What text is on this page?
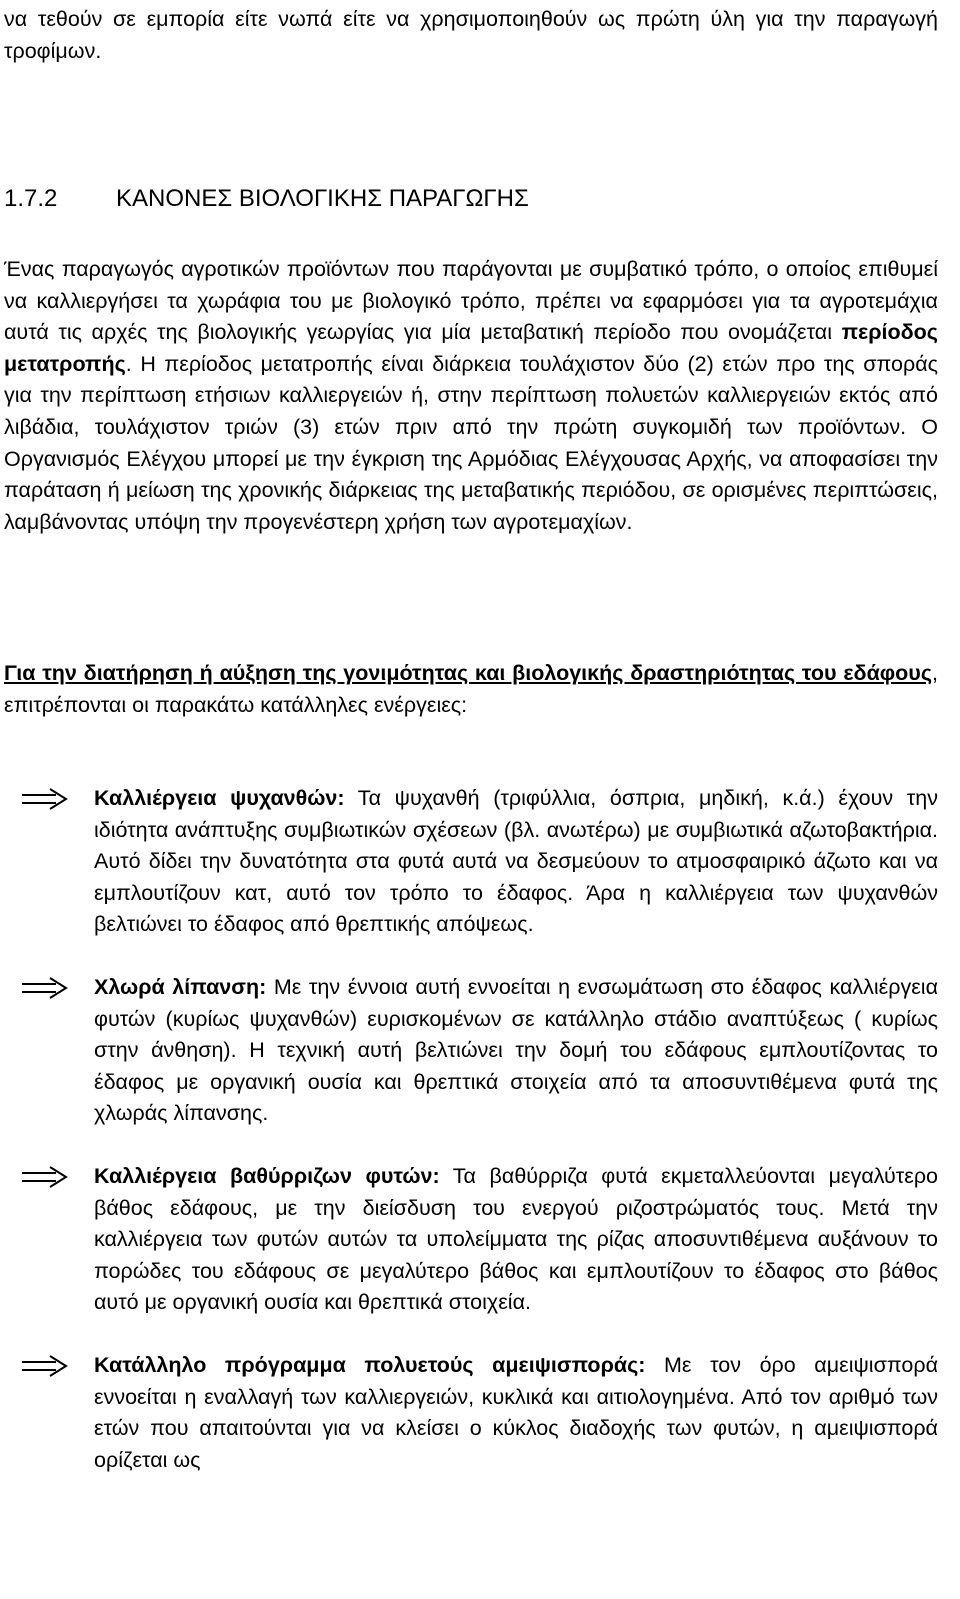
να τεθούν σε εμπορία είτε νωπά είτε να χρησιμοποιηθούν ως πρώτη ύλη για την παραγωγή τροφίμων.

1.7.2 ΚΑΝΟΝΕΣ ΒΙΟΛΟΓΙΚΗΣ ΠΑΡΑΓΩΓΗΣ

Ένας παραγωγός αγροτικών προϊόντων που παράγονται με συμβατικό τρόπο, ο οποίος επιθυμεί να καλλιεργήσει τα χωράφια του με βιολογικό τρόπο, πρέπει να εφαρμόσει για τα αγροτεμάχια αυτά τις αρχές της βιολογικής γεωργίας για μία μεταβατική περίοδο που ονομάζεται περίοδος μετατροπής. Η περίοδος μετατροπής είναι διάρκεια τουλάχιστον δύο (2) ετών προ της σποράς για την περίπτωση ετήσιων καλλιεργειών ή, στην περίπτωση πολυετών καλλιεργειών εκτός από λιβάδια, τουλάχιστον τριών (3) ετών πριν από την πρώτη συγκομιδή των προϊόντων. Ο Οργανισμός Ελέγχου μπορεί με την έγκριση της Αρμόδιας Ελέγχουσας Αρχής, να αποφασίσει την παράταση ή μείωση της χρονικής διάρκειας της μεταβατικής περιόδου, σε ορισμένες περιπτώσεις, λαμβάνοντας υπόψη την προγενέστερη χρήση των αγροτεμαχίων.

Για την διατήρηση ή αύξηση της γονιμότητας και βιολογικής δραστηριότητας του εδάφους, επιτρέπονται οι παρακάτω κατάλληλες ενέργειες:

Καλλιέργεια ψυχανθών: Τα ψυχανθή (τριφύλλια, όσπρια, μηδική, κ.ά.) έχουν την ιδιότητα ανάπτυξης συμβιωτικών σχέσεων (βλ. ανωτέρω) με συμβιωτικά αζωτοβακτήρια. Αυτό δίδει την δυνατότητα στα φυτά αυτά να δεσμεύουν το ατμοσφαιρικό άζωτο και να εμπλουτίζουν κατ, αυτό τον τρόπο το έδαφος. Άρα η καλλιέργεια των ψυχανθών βελτιώνει το έδαφος από θρεπτικής απόψεως.

Χλωρά λίπανση: Με την έννοια αυτή εννοείται η ενσωμάτωση στο έδαφος καλλιέργεια φυτών (κυρίως ψυχανθών) ευρισκομένων σε κατάλληλο στάδιο αναπτύξεως ( κυρίως στην άνθηση). Η τεχνική αυτή βελτιώνει την δομή του εδάφους εμπλουτίζοντας το έδαφος με οργανική ουσία και θρεπτικά στοιχεία από τα αποσυντιθέμενα φυτά της χλωράς λίπανσης.

Καλλιέργεια βαθύρριζων φυτών: Τα βαθύρριζα φυτά εκμεταλλεύονται μεγαλύτερο βάθος εδάφους, με την διείσδυση του ενεργού ριζοστρώματός τους. Μετά την καλλιέργεια των φυτών αυτών τα υπολείμματα της ρίζας αποσυντιθέμενα αυξάνουν το πορώδες του εδάφους σε μεγαλύτερο βάθος και εμπλουτίζουν το έδαφος στο βάθος αυτό με οργανική ουσία και θρεπτικά στοιχεία.

Κατάλληλο πρόγραμμα πολυετούς αμειψισποράς: Με τον όρο αμειψισπορά εννοείται η εναλλαγή των καλλιεργειών, κυκλικά και αιτιολογημένα. Από τον αριθμό των ετών που απαιτούνται για να κλείσει ο κύκλος διαδοχής των φυτών, η αμειψισπορά ορίζεται ως
